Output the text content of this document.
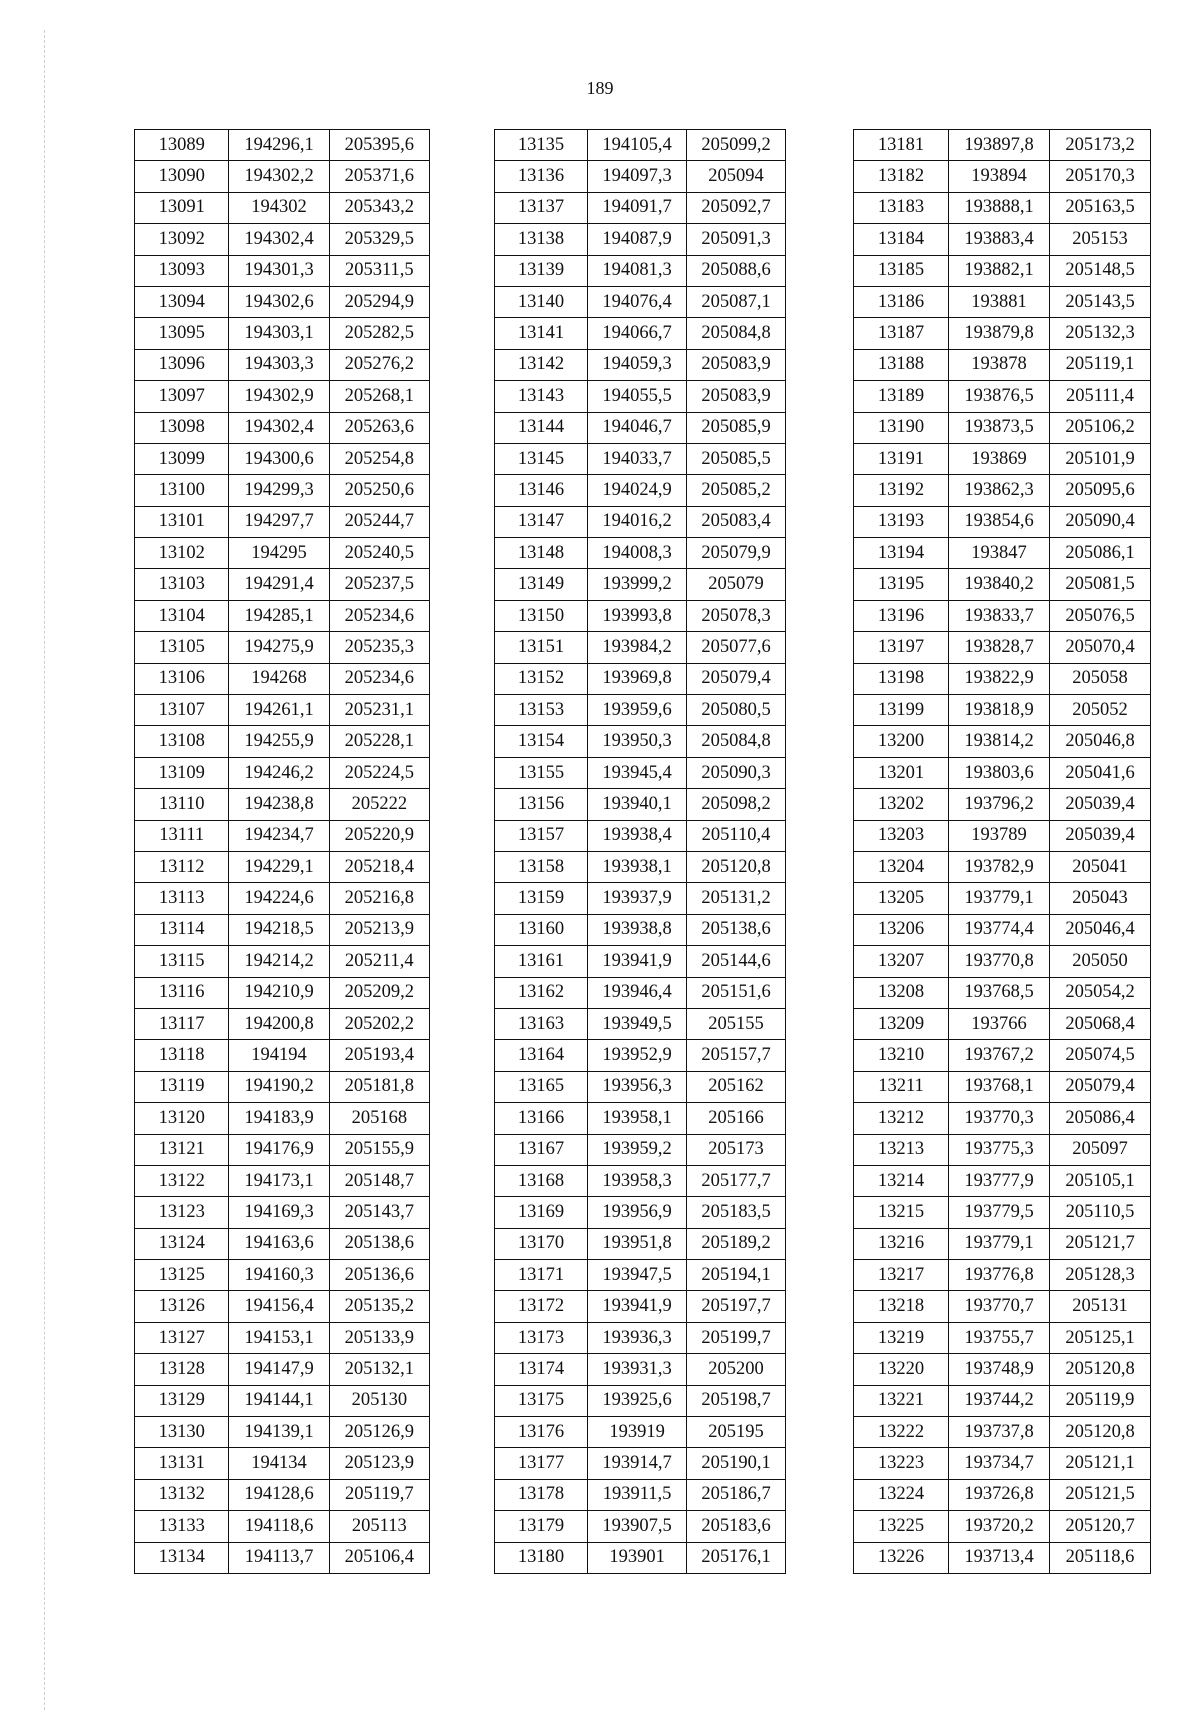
189
13089	194296,1	205395,6
13090	194302,2	205371,6
13091	194302	205343,2
13092	194302,4	205329,5
13093	194301,3	205311,5
13094	194302,6	205294,9
13095	194303,1	205282,5
13096	194303,3	205276,2
13097	194302,9	205268,1
13098	194302,4	205263,6
13099	194300,6	205254,8
13100	194299,3	205250,6
13101	194297,7	205244,7
13102	194295	205240,5
13103	194291,4	205237,5
13104	194285,1	205234,6
13105	194275,9	205235,3
13106	194268	205234,6
13107	194261,1	205231,1
13108	194255,9	205228,1
13109	194246,2	205224,5
13110	194238,8	205222
13111	194234,7	205220,9
13112	194229,1	205218,4
13113	194224,6	205216,8
13114	194218,5	205213,9
13115	194214,2	205211,4
13116	194210,9	205209,2
13117	194200,8	205202,2
13118	194194	205193,4
13119	194190,2	205181,8
13120	194183,9	205168
13121	194176,9	205155,9
13122	194173,1	205148,7
13123	194169,3	205143,7
13124	194163,6	205138,6
13125	194160,3	205136,6
13126	194156,4	205135,2
13127	194153,1	205133,9
13128	194147,9	205132,1
13129	194144,1	205130
13130	194139,1	205126,9
13131	194134	205123,9
13132	194128,6	205119,7
13133	194118,6	205113
13134	194113,7	205106,4
13135	194105,4	205099,2
13136	194097,3	205094
13137	194091,7	205092,7
13138	194087,9	205091,3
13139	194081,3	205088,6
13140	194076,4	205087,1
13141	194066,7	205084,8
13142	194059,3	205083,9
13143	194055,5	205083,9
13144	194046,7	205085,9
13145	194033,7	205085,5
13146	194024,9	205085,2
13147	194016,2	205083,4
13148	194008,3	205079,9
13149	193999,2	205079
13150	193993,8	205078,3
13151	193984,2	205077,6
13152	193969,8	205079,4
13153	193959,6	205080,5
13154	193950,3	205084,8
13155	193945,4	205090,3
13156	193940,1	205098,2
13157	193938,4	205110,4
13158	193938,1	205120,8
13159	193937,9	205131,2
13160	193938,8	205138,6
13161	193941,9	205144,6
13162	193946,4	205151,6
13163	193949,5	205155
13164	193952,9	205157,7
13165	193956,3	205162
13166	193958,1	205166
13167	193959,2	205173
13168	193958,3	205177,7
13169	193956,9	205183,5
13170	193951,8	205189,2
13171	193947,5	205194,1
13172	193941,9	205197,7
13173	193936,3	205199,7
13174	193931,3	205200
13175	193925,6	205198,7
13176	193919	205195
13177	193914,7	205190,1
13178	193911,5	205186,7
13179	193907,5	205183,6
13180	193901	205176,1
13181	193897,8	205173,2
13182	193894	205170,3
13183	193888,1	205163,5
13184	193883,4	205153
13185	193882,1	205148,5
13186	193881	205143,5
13187	193879,8	205132,3
13188	193878	205119,1
13189	193876,5	205111,4
13190	193873,5	205106,2
13191	193869	205101,9
13192	193862,3	205095,6
13193	193854,6	205090,4
13194	193847	205086,1
13195	193840,2	205081,5
13196	193833,7	205076,5
13197	193828,7	205070,4
13198	193822,9	205058
13199	193818,9	205052
13200	193814,2	205046,8
13201	193803,6	205041,6
13202	193796,2	205039,4
13203	193789	205039,4
13204	193782,9	205041
13205	193779,1	205043
13206	193774,4	205046,4
13207	193770,8	205050
13208	193768,5	205054,2
13209	193766	205068,4
13210	193767,2	205074,5
13211	193768,1	205079,4
13212	193770,3	205086,4
13213	193775,3	205097
13214	193777,9	205105,1
13215	193779,5	205110,5
13216	193779,1	205121,7
13217	193776,8	205128,3
13218	193770,7	205131
13219	193755,7	205125,1
13220	193748,9	205120,8
13221	193744,2	205119,9
13222	193737,8	205120,8
13223	193734,7	205121,1
13224	193726,8	205121,5
13225	193720,2	205120,7
13226	193713,4	205118,6
